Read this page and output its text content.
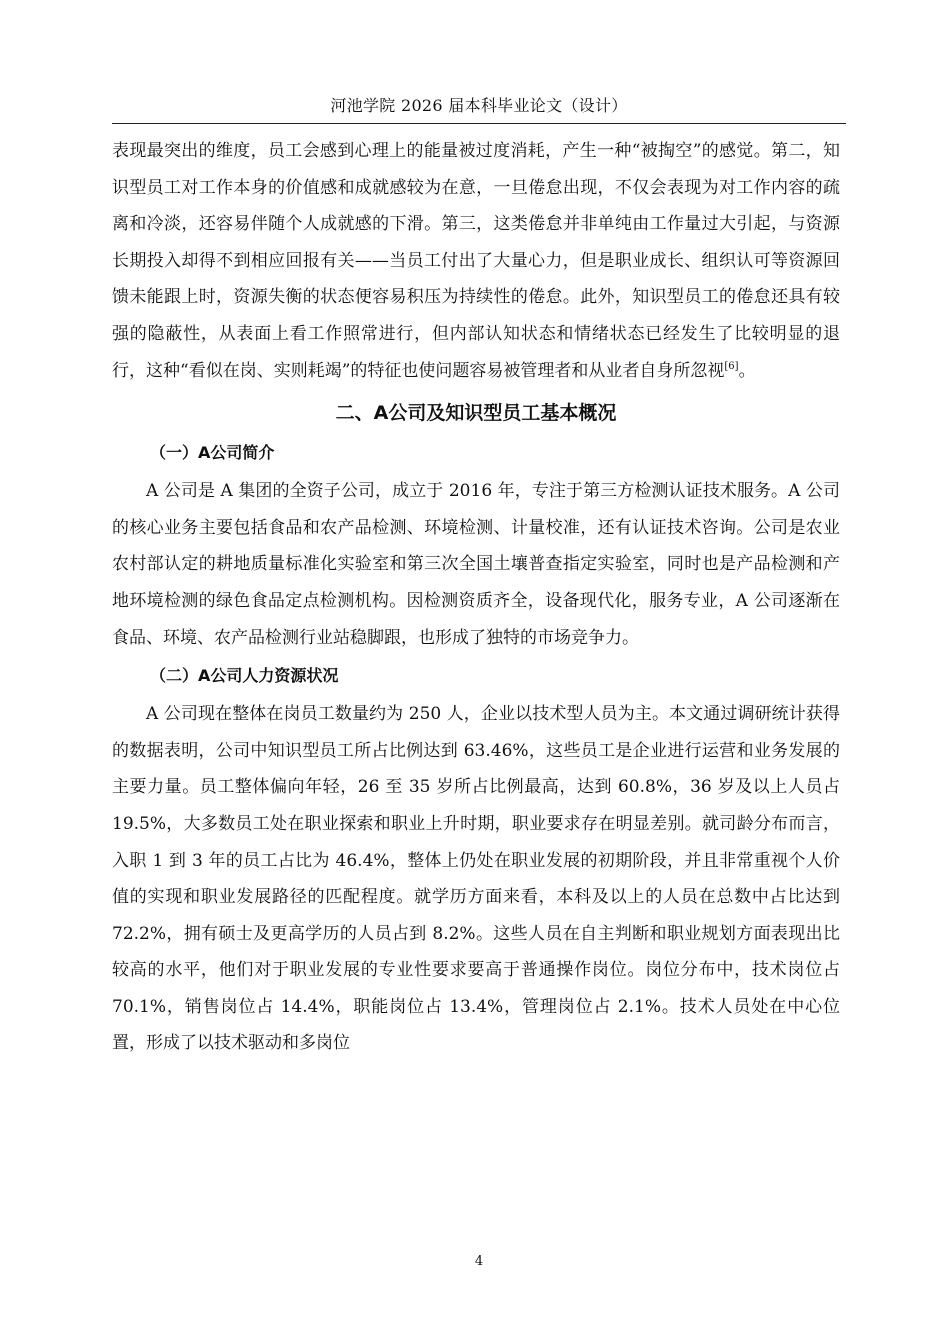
河池学院 2026 届本科毕业论文（设计）

表现最突出的维度，员工会感到心理上的能量被过度消耗，产生一种“被掏空”的感觉。第二，知识型员工对工作本身的价值感和成就感较为在意，一旦倦怠出现，不仅会表现为对工作内容的疏离和冷淡，还容易伴随个人成就感的下滑。第三，这类倦怠并非单纯由工作量过大引起，与资源长期投入却得不到相应回报有关——当员工付出了大量心力，但是职业成长、组织认可等资源回馈未能跟上时，资源失衡的状态便容易积压为持续性的倦怠。此外，知识型员工的倦怠还具有较强的隐蔽性，从表面上看工作照常进行，但内部认知状态和情绪状态已经发生了比较明显的退行，这种“看似在岗、实则耗竭”的特征也使问题容易被管理者和从业者自身所忽视[6]。

二、A公司及知识型员工基本概况
（一）A公司简介

A 公司是 A 集团的全资子公司，成立于 2016 年，专注于第三方检测认证技术服务。A 公司的核心业务主要包括食品和农产品检测、环境检测、计量校准，还有认证技术咨询。公司是农业农村部认定的耕地质量标准化实验室和第三次全国土壤普查指定实验室，同时也是产品检测和产地环境检测的绿色食品定点检测机构。因检测资质齐全，设备现代化，服务专业，A 公司逐渐在食品、环境、农产品检测行业站稳脚跟，也形成了独特的市场竞争力。

（二）A公司人力资源状况

A 公司现在整体在岗员工数量约为 250 人，企业以技术型人员为主。本文通过调研统计获得的数据表明，公司中知识型员工所占比例达到 63.46%，这些员工是企业进行运营和业务发展的主要力量。员工整体偏向年轻，26 至 35 岁所占比例最高，达到 60.8%，36 岁及以上人员占 19.5%，大多数员工处在职业探索和职业上升时期，职业要求存在明显差别。就司龄分布而言，入职 1 到 3 年的员工占比为 46.4%，整体上仍处在职业发展的初期阶段，并且非常重视个人价值的实现和职业发展路径的匹配程度。就学历方面来看，本科及以上的人员在总数中占比达到 72.2%，拥有硕士及更高学历的人员占到 8.2%。这些人员在自主判断和职业规划方面表现出比较高的水平，他们对于职业发展的专业性要求要高于普通操作岗位。岗位分布中，技术岗位占 70.1%，销售岗位占 14.4%，职能岗位占 13.4%，管理岗位占 2.1%。技术人员处在中心位置，形成了以技术驱动和多岗位

4
